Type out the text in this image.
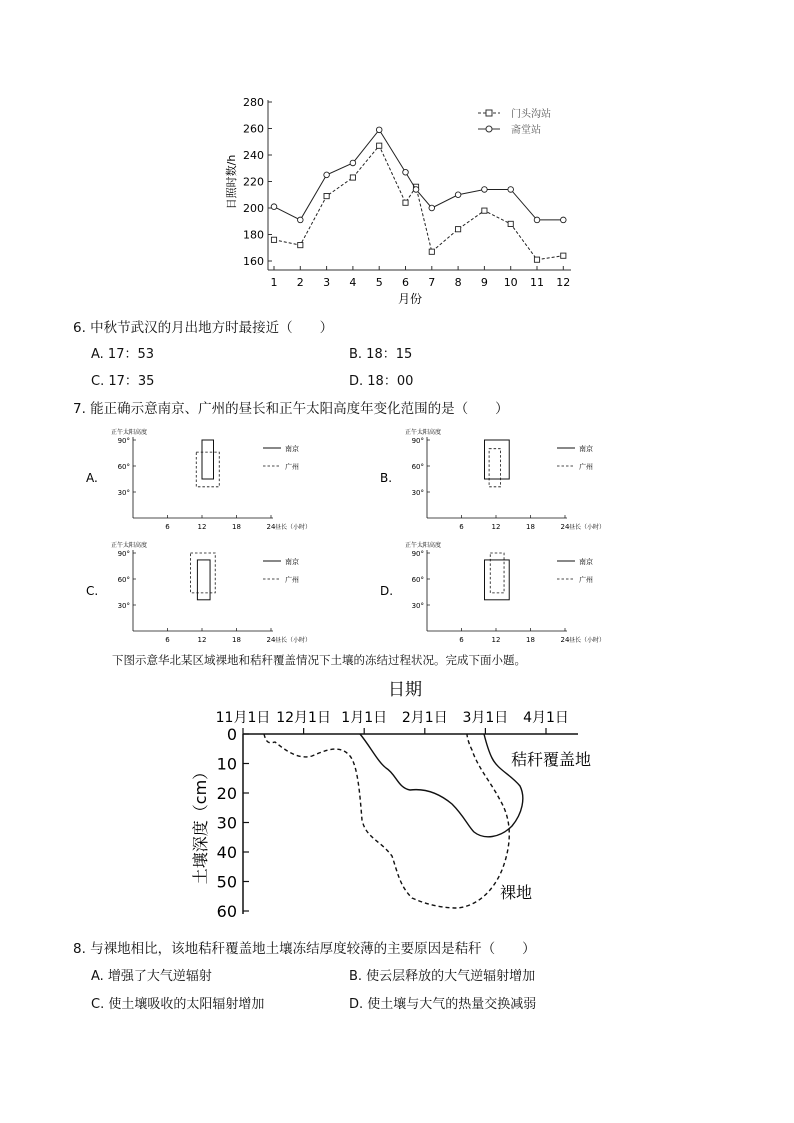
160
180
200
220
240
260
280
1 2 3 4 5 6 7 8 9 10 11 12
月份
日照时数/h
门头沟站
斋堂站
6. 中秋节武汉的月出地方时最接近（　　）
A. 17：53	B. 18：15
C. 17：35	D. 18：00
7. 能正确示意南京、广州的昼长和正午太阳高度年变化范围的是（　　）
A.
正午太阳高度
90°
60°
30°
6	12	18	24 昼长（小时）
南京
广州
B.
正午太阳高度
90°
60°
30°
6	12	18	24 昼长（小时）
南京
广州
C.
正午太阳高度
90°
60°
30°
6	12	18	24 昼长（小时）
南京
广州
D.
正午太阳高度
90°
60°
30°
6	12	18	24 昼长（小时）
南京
广州
下图示意华北某区域裸地和秸秆覆盖情况下土壤的冻结过程状况。完成下面小题。
日期
11月1日 12月1日 1月1日 2月1日 3月1日 4月1日
0
10
20
30
40
50
60
土壤深度（cm）
秸秆覆盖地
裸地
8. 与裸地相比，该地秸秆覆盖地土壤冻结厚度较薄的主要原因是秸秆（　　）
A. 增强了大气逆辐射	B. 使云层释放的大气逆辐射增加
C. 使土壤吸收的太阳辐射增加	D. 使土壤与大气的热量交换减弱
